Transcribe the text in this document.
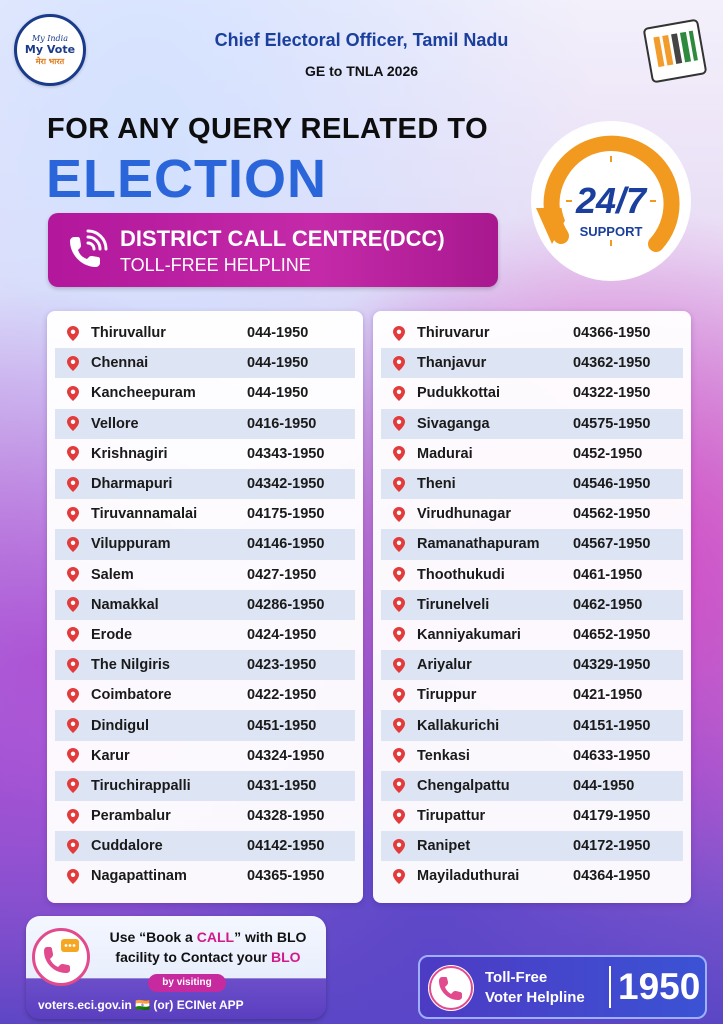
My India
My Vote
मेरा भारत
Chief Electoral Officer, Tamil Nadu
GE to TNLA 2026
FOR ANY QUERY RELATED TO
ELECTION	24/7
SUPPORT
DISTRICT CALL CENTRE(DCC)
TOLL-FREE HELPLINE
Thiruvallur	044-1950
Chennai	044-1950
Kancheepuram	044-1950
Vellore	0416-1950
Krishnagiri	04343-1950
Dharmapuri	04342-1950
Tiruvannamalai	04175-1950
Viluppuram	04146-1950
Salem	0427-1950
Namakkal	04286-1950
Erode	0424-1950
The Nilgiris	0423-1950
Coimbatore	0422-1950
Dindigul	0451-1950
Karur	04324-1950
Tiruchirappalli	0431-1950
Perambalur	04328-1950
Cuddalore	04142-1950
Nagapattinam	04365-1950
Thiruvarur	04366-1950
Thanjavur	04362-1950
Pudukkottai	04322-1950
Sivaganga	04575-1950
Madurai	0452-1950
Theni	04546-1950
Virudhunagar	04562-1950
Ramanathapuram	04567-1950
Thoothukudi	0461-1950
Tirunelveli	0462-1950
Kanniyakumari	04652-1950
Ariyalur	04329-1950
Tiruppur	0421-1950
Kallakurichi	04151-1950
Tenkasi	04633-1950
Chengalpattu	044-1950
Tirupattur	04179-1950
Ranipet	04172-1950
Mayiladuthurai	04364-1950
Use “Book a CALL” with BLO
facility to Contact your BLO
by visiting
voters.eci.gov.in 🇮🇳 (or) ECINet APP
Toll-Free
Voter Helpline 1950
